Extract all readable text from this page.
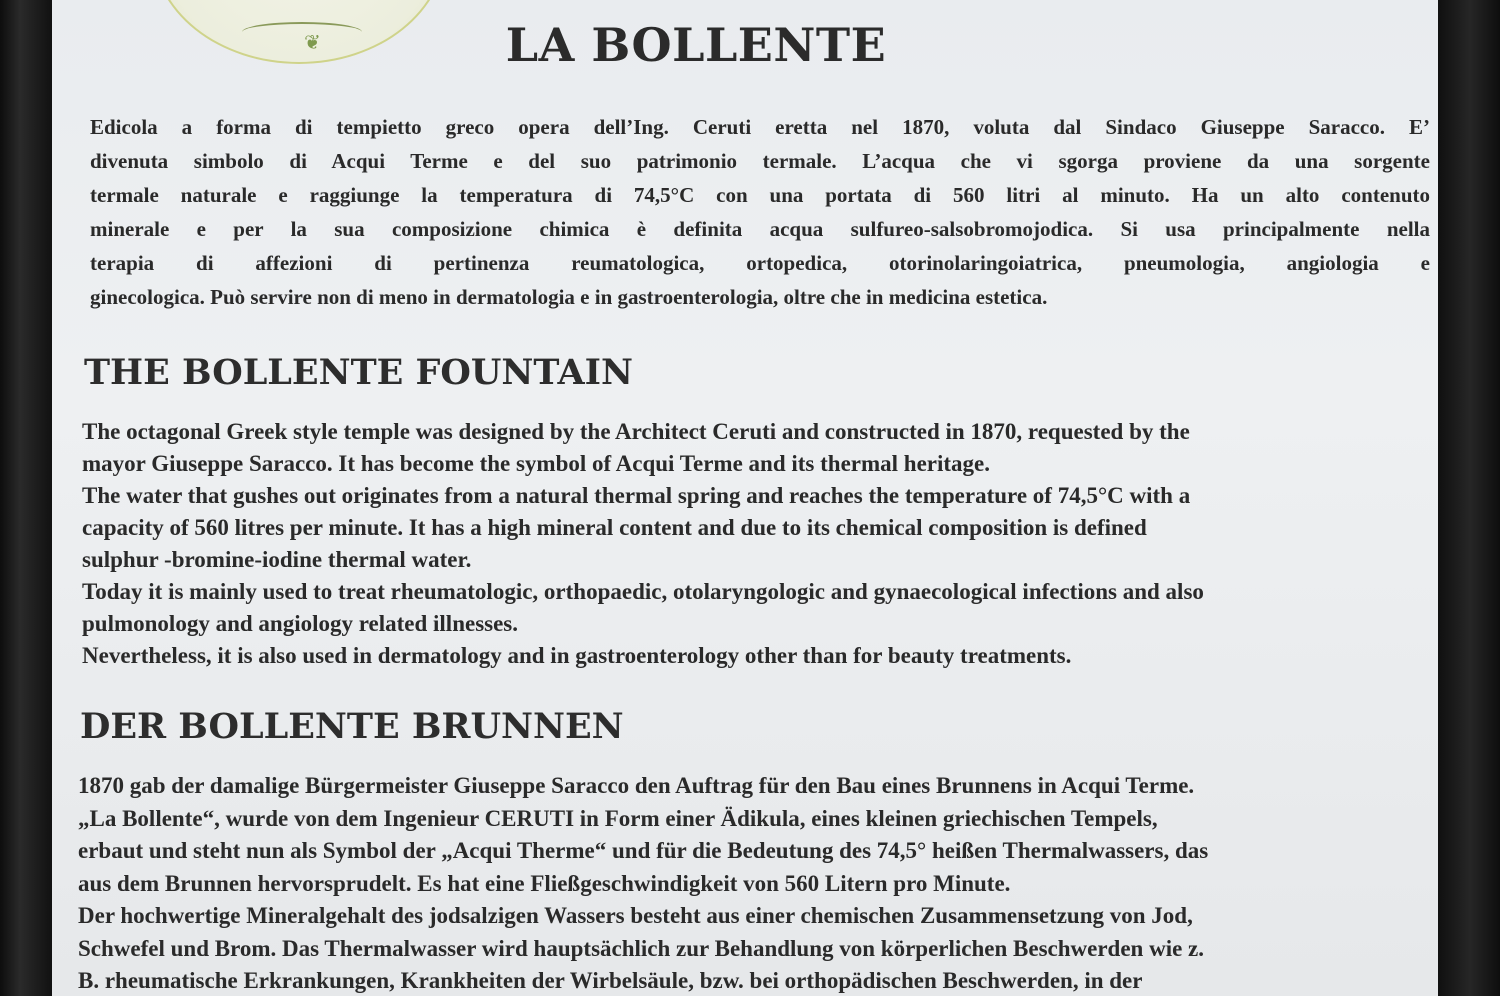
❦	LA BOLLENTE

Edicola a forma di tempietto greco opera dell’Ing. Ceruti eretta nel 1870, voluta dal Sindaco Giuseppe Saracco. E’
divenuta simbolo di Acqui Terme e del suo patrimonio termale. L’acqua che vi sgorga proviene da una sorgente
termale naturale e raggiunge la temperatura di 74,5°C con una portata di 560 litri al minuto. Ha un alto contenuto
minerale e per la sua composizione chimica è definita acqua sulfureo-salsobromojodica. Si usa principalmente nella
terapia di affezioni di pertinenza reumatologica, ortopedica, otorinolaringoiatrica, pneumologia, angiologia e
ginecologica. Può servire non di meno in dermatologia e in gastroenterologia, oltre che in medicina estetica.

THE BOLLENTE FOUNTAIN

The octagonal Greek style temple was designed by the Architect Ceruti and constructed in 1870, requested by the
mayor Giuseppe Saracco. It has become the symbol of Acqui Terme and its thermal heritage.
The water that gushes out originates from a natural thermal spring and reaches the temperature of 74,5°C with a
capacity of 560 litres per minute. It has a high mineral content and due to its chemical composition is defined
sulphur -bromine-iodine thermal water.
Today it is mainly used to treat rheumatologic, orthopaedic, otolaryngologic and gynaecological infections and also
pulmonology and angiology related illnesses.
Nevertheless, it is also used in dermatology and in gastroenterology other than for beauty treatments.

DER BOLLENTE BRUNNEN

1870 gab der damalige Bürgermeister Giuseppe Saracco den Auftrag für den Bau eines Brunnens in Acqui Terme.
„La Bollente“, wurde von dem Ingenieur CERUTI in Form einer Ädikula, eines kleinen griechischen Tempels,
erbaut und steht nun als Symbol der „Acqui Therme“ und für die Bedeutung des 74,5° heißen Thermalwassers, das
aus dem Brunnen hervorsprudelt. Es hat eine Fließgeschwindigkeit von 560 Litern pro Minute.
Der hochwertige Mineralgehalt des jodsalzigen Wassers besteht aus einer chemischen Zusammensetzung von Jod,
Schwefel und Brom. Das Thermalwasser wird hauptsächlich zur Behandlung von körperlichen Beschwerden wie z.
B. rheumatische Erkrankungen, Krankheiten der Wirbelsäule, bzw. bei orthopädischen Beschwerden, in der
